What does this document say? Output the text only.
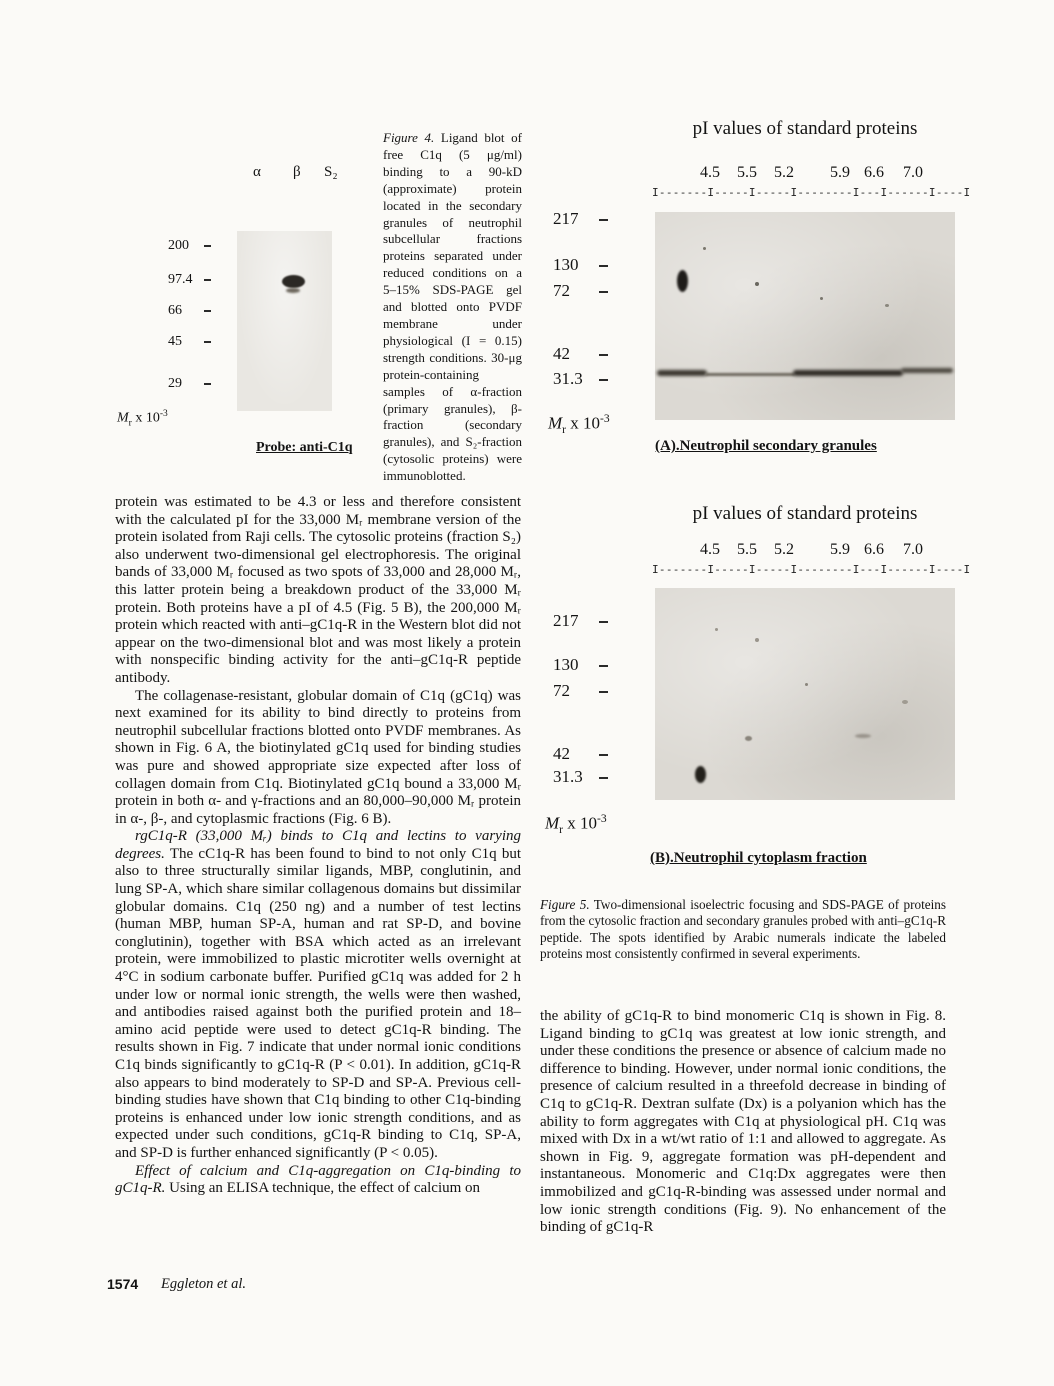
α β S₂
200
97.4
66
45
29
$M_r$ x $10^{-3}$
Probe: anti-C1q

Figure 4. Ligand blot of free C1q (5 μg/ml) binding to a 90-kD (approximate) protein located in the secondary granules of neutrophil subcellular fractions proteins separated under reduced conditions on a 5–15% SDS-PAGE gel and blotted onto PVDF membrane under physiological (I = 0.15) strength conditions. 30-μg protein-containing samples of α-fraction (primary granules), β-fraction (secondary granules), and S₂-fraction (cytosolic proteins) were immunoblotted.

pI values of standard proteins
4.5 5.5 5.2 5.9 6.6 7.0
I-------I-----I-----I--------I---I------I----I
217
130
72
42
31.3
$M_r$ x $10^{-3}$
(A).Neutrophil secondary granules
pI values of standard proteins
4.5 5.5 5.2 5.9 6.6 7.0
I-------I-----I-----I--------I---I------I----I
217
130
72
42
31.3
$M_r$ x $10^{-3}$
(B).Neutrophil cytoplasm fraction

Figure 5. Two-dimensional isoelectric focusing and SDS-PAGE of proteins from the cytosolic fraction and secondary granules probed with anti–gC1q-R peptide. The spots identified by Arabic numerals indicate the labeled proteins most consistently confirmed in several experiments.

protein was estimated to be 4.3 or less and therefore consistent with the calculated pI for the 33,000 Mᵣ membrane version of the protein isolated from Raji cells. The cytosolic proteins (fraction S₂) also underwent two-dimensional gel electrophoresis. The original bands of 33,000 Mᵣ focused as two spots of 33,000 and 28,000 Mᵣ, this latter protein being a breakdown product of the 33,000 Mᵣ protein. Both proteins have a pI of 4.5 (Fig. 5 B), the 200,000 Mᵣ protein which reacted with anti–gC1q-R in the Western blot did not appear on the two-dimensional blot and was most likely a protein with nonspecific binding activity for the anti–gC1q-R peptide antibody.

The collagenase-resistant, globular domain of C1q (gC1q) was next examined for its ability to bind directly to proteins from neutrophil subcellular fractions blotted onto PVDF membranes. As shown in Fig. 6 A, the biotinylated gC1q used for binding studies was pure and showed appropriate size expected after loss of collagen domain from C1q. Biotinylated gC1q bound a 33,000 Mᵣ protein in both α- and γ-fractions and an 80,000–90,000 Mᵣ protein in α-, β-, and cytoplasmic fractions (Fig. 6 B).

rgC1q-R (33,000 Mᵣ) binds to C1q and lectins to varying degrees. The cC1q-R has been found to bind to not only C1q but also to three structurally similar ligands, MBP, conglutinin, and lung SP-A, which share similar collagenous domains but dissimilar globular domains. C1q (250 ng) and a number of test lectins (human MBP, human SP-A, human and rat SP-D, and bovine conglutinin), together with BSA which acted as an irrelevant protein, were immobilized to plastic microtiter wells overnight at 4°C in sodium carbonate buffer. Purified gC1q was added for 2 h under low or normal ionic strength, the wells were then washed, and antibodies raised against both the purified protein and 18–amino acid peptide were used to detect gC1q-R binding. The results shown in Fig. 7 indicate that under normal ionic conditions C1q binds significantly to gC1q-R (P < 0.01). In addition, gC1q-R also appears to bind moderately to SP-D and SP-A. Previous cell-binding studies have shown that C1q binding to other C1q-binding proteins is enhanced under low ionic strength conditions, and as expected under such conditions, gC1q-R binding to C1q, SP-A, and SP-D is further enhanced significantly (P < 0.05).

Effect of calcium and C1q-aggregation on C1q-binding to gC1q-R. Using an ELISA technique, the effect of calcium on

the ability of gC1q-R to bind monomeric C1q is shown in Fig. 8. Ligand binding to gC1q was greatest at low ionic strength, and under these conditions the presence or absence of calcium made no difference to binding. However, under normal ionic conditions, the presence of calcium resulted in a threefold decrease in binding of C1q to gC1q-R. Dextran sulfate (Dx) is a polyanion which has the ability to form aggregates with C1q at physiological pH. C1q was mixed with Dx in a wt/wt ratio of 1:1 and allowed to aggregate. As shown in Fig. 9, aggregate formation was pH-dependent and instantaneous. Monomeric and C1q:Dx aggregates were then immobilized and gC1q-R-binding was assessed under normal and low ionic strength conditions (Fig. 9). No enhancement of the binding of gC1q-R

1574 Eggleton et al.
